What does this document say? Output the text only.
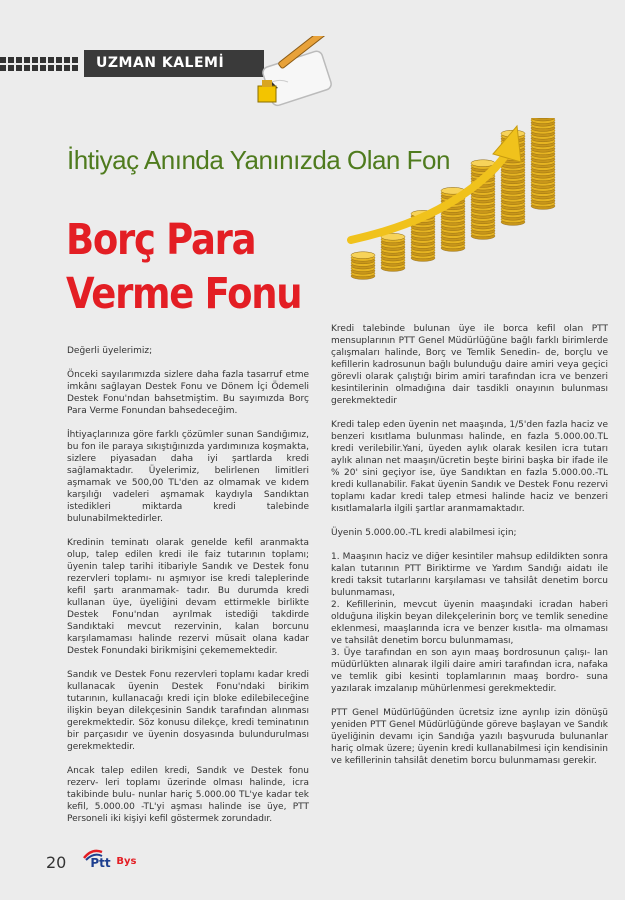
UZMAN KALEMİ
İhtiyaç Anında Yanınızda Olan Fon
Borç Para
Verme Fonu

Değerli üyelerimiz;

Önceki sayılarımızda sizlere daha fazla tasarruf etme imkânı sağlayan Destek Fonu ve Dönem İçi Ödemeli Destek Fonu'ndan bahsetmiştim. Bu sayımızda Borç Para Verme Fonundan bahsedeceğim.

İhtiyaçlarınıza göre farklı çözümler sunan Sandığımız, bu fon ile paraya sıkıştığınızda yardımınıza koşmakta, sizlere piyasadan daha iyi şartlarda kredi sağlamaktadır. Üyelerimiz, belirlenen limitleri aşmamak ve 500,00 TL'den az olmamak ve kıdem karşılığı vadeleri aşmamak kaydıyla Sandıktan istedikleri miktarda kredi talebinde bulunabilmektedirler.

Kredinin teminatı olarak genelde kefil aranmakta olup, talep edilen kredi ile faiz tutarının toplamı; üyenin talep tarihi itibariyle Sandık ve Destek fonu rezervleri toplamı- nı aşmıyor ise kredi taleplerinde kefil şartı aranmamak- tadır. Bu durumda kredi kullanan üye, üyeliğini devam ettirmekle birlikte Destek Fonu'ndan ayrılmak istediği takdirde Sandıktaki mevcut rezervinin, kalan borcunu karşılamaması halinde rezervi müsait olana kadar Destek Fonundaki birikmişini çekememektedir.

Sandık ve Destek Fonu rezervleri toplamı kadar kredi kullanacak üyenin Destek Fonu'ndaki birikim tutarının, kullanacağı kredi için bloke edilebileceğine ilişkin beyan dilekçesinin Sandık tarafından alınması gerekmektedir. Söz konusu dilekçe, kredi teminatının bir parçasıdır ve üyenin dosyasında bulundurulması gerekmektedir.

Ancak talep edilen kredi, Sandık ve Destek fonu rezerv- leri toplamı üzerinde olması halinde, icra takibinde bulu- nunlar hariç 5.000.00 TL'ye kadar tek kefil, 5.000.00 -TL'yi aşması halinde ise üye, PTT Personeli iki kişiyi kefil göstermek zorundadır.

Kredi talebinde bulunan üye ile borca kefil olan PTT mensuplarının PTT Genel Müdürlüğüne bağlı farklı birimlerde çalışmaları halinde, Borç ve Temlik Senedin- de, borçlu ve kefillerin kadrosunun bağlı bulunduğu daire amiri veya geçici görevli olarak çalıştığı birim amiri tarafından icra ve benzeri kesintilerinin olmadığına dair tasdikli onayının bulunması gerekmektedir

Kredi talep eden üyenin net maaşında, 1/5'den fazla haciz ve benzeri kısıtlama bulunması halinde, en fazla 5.000.00.TL kredi verilebilir.Yani, üyeden aylık olarak kesilen icra tutarı aylık alınan net maaşın/ücretin beşte birini başka bir ifade ile % 20' sini geçiyor ise, üye Sandıktan en fazla 5.000.00.-TL kredi kullanabilir. Fakat üyenin Sandık ve Destek Fonu rezervi toplamı kadar kredi talep etmesi halinde haciz ve benzeri kısıtlamalarla ilgili şartlar aranmamaktadır.

Üyenin 5.000.00.-TL kredi alabilmesi için;

1. Maaşının haciz ve diğer kesintiler mahsup edildikten sonra kalan tutarının PTT Biriktirme ve Yardım Sandığı aidatı ile kredi taksit tutarlarını karşılaması ve tahsilât denetim borcu bulunmaması,
2. Kefillerinin, mevcut üyenin maaşındaki icradan haberi olduğuna ilişkin beyan dilekçelerinin borç ve temlik senedine eklenmesi, maaşlarında icra ve benzer kısıtla- ma olmaması ve tahsilât denetim borcu bulunmaması,
3. Üye tarafından en son ayın maaş bordrosunun çalışı- lan müdürlükten alınarak ilgili daire amiri tarafından icra, nafaka ve temlik gibi kesinti toplamlarının maaş bordro- suna yazılarak imzalanıp mühürlenmesi gerekmektedir.

PTT Genel Müdürlüğünden ücretsiz izne ayrılıp izin dönüşü yeniden PTT Genel Müdürlüğünde göreve başlayan ve Sandık üyeliğinin devamı için Sandığa yazılı başvuruda bulunanlar hariç olmak üzere; üyenin kredi kullanabilmesi için kendisinin ve kefillerinin tahsilât denetim borcu bulunmaması gerekir.

20 Ptt Bys
